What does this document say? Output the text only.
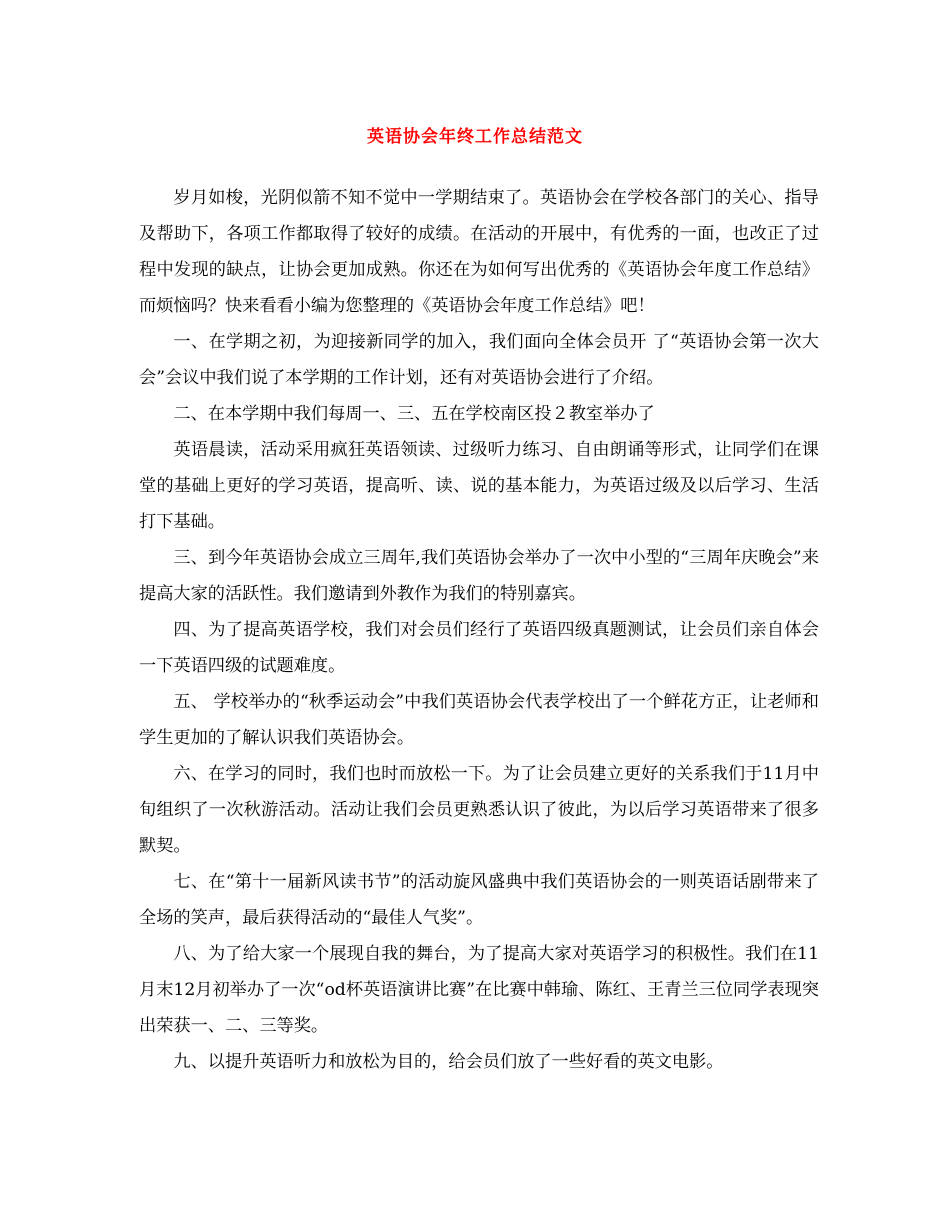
英语协会年终工作总结范文

岁月如梭，光阴似箭不知不觉中一学期结束了。英语协会在学校各部门的关心、指导及帮助下，各项工作都取得了较好的成绩。在活动的开展中，有优秀的一面，也改正了过程中发现的缺点，让协会更加成熟。你还在为如何写出优秀的《英语协会年度工作总结》而烦恼吗？快来看看小编为您整理的《英语协会年度工作总结》吧！

一、在学期之初，为迎接新同学的加入，我们面向全体会员开 了“英语协会第一次大会”会议中我们说了本学期的工作计划，还有对英语协会进行了介绍。

二、在本学期中我们每周一、三、五在学校南区投２教室举办了

英语晨读，活动采用疯狂英语领读、过级听力练习、自由朗诵等形式，让同学们在课堂的基础上更好的学习英语，提高听、读、说的基本能力，为英语过级及以后学习、生活打下基础。

三、到今年英语协会成立三周年,我们英语协会举办了一次中小型的“三周年庆晚会”来提高大家的活跃性。我们邀请到外教作为我们的特别嘉宾。

四、为了提高英语学校，我们对会员们经行了英语四级真题测试，让会员们亲自体会一下英语四级的试题难度。

五、 学校举办的“秋季运动会”中我们英语协会代表学校出了一个鲜花方正，让老师和学生更加的了解认识我们英语协会。

六、在学习的同时，我们也时而放松一下。为了让会员建立更好的关系我们于11月中旬组织了一次秋游活动。活动让我们会员更熟悉认识了彼此，为以后学习英语带来了很多默契。

七、在“第十一届新风读书节”的活动旋风盛典中我们英语协会的一则英语话剧带来了全场的笑声，最后获得活动的“最佳人气奖”。

八、为了给大家一个展现自我的舞台，为了提高大家对英语学习的积极性。我们在11月末12月初举办了一次“od杯英语演讲比赛”在比赛中韩瑜、陈红、王青兰三位同学表现突出荣获一、二、三等奖。

九、以提升英语听力和放松为目的，给会员们放了一些好看的英文电影。
